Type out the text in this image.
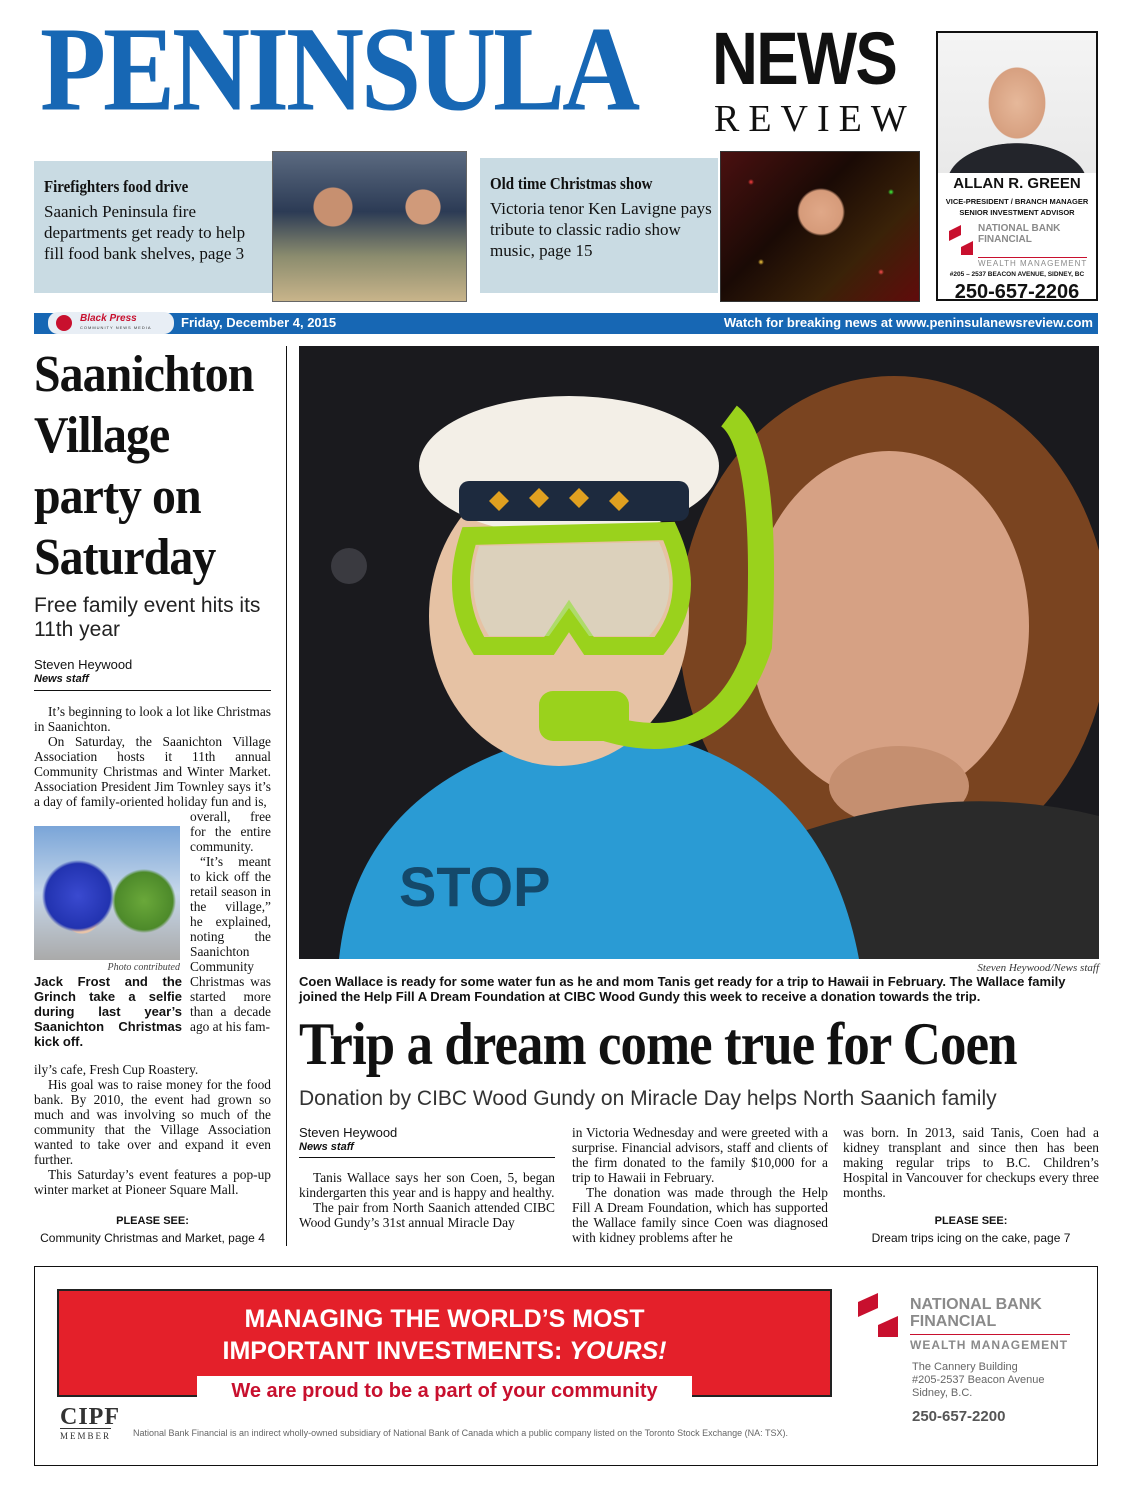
PENINSULA NEWS
REVIEW
ALLAN R. GREEN
VICE-PRESIDENT / BRANCH MANAGER
SENIOR INVESTMENT ADVISOR
NATIONAL BANK
FINANCIAL
WEALTH MANAGEMENT
#205 – 2537 BEACON AVENUE, SIDNEY, BC
250-657-2206
Firefighters food drive
Saanich Peninsula fire departments get ready to help fill food bank shelves, page 3
Old time Christmas show
Victoria tenor Ken Lavigne pays tribute to classic radio show music, page 15
Black Press
COMMUNITY NEWS MEDIA Friday, December 4, 2015	Watch for breaking news at www.peninsulanewsreview.com
Saanichton Village party on Saturday
Free family event hits its 11th year
Steven Heywood
News staff
It’s beginning to look a lot like Christmas in Saanichton.
On Saturday, the Saanichton Village Association hosts it 11th annual Community Christmas and Winter Market. Association President Jim Townley says it’s a day of family-oriented holiday fun and is,
Photo contributed
Jack Frost and the Grinch take a selfie during last year’s Saanichton Christmas kick off.
overall, free for the entire community.
“It’s meant to kick off the retail season in the village,” he explained, noting the Saanichton Community Christmas was started more than a decade ago at his fam-
ily’s cafe, Fresh Cup Roastery.
His goal was to raise money for the food bank. By 2010, the event had grown so much and was involving so much of the community that the Village Association wanted to take over and expand it even further.
This Saturday’s event features a pop-up winter market at Pioneer Square Mall.
PLEASE SEE:
Community Christmas and Market, page 4
STOP
Steven Heywood/News staff
Coen Wallace is ready for some water fun as he and mom Tanis get ready for a trip to Hawaii in February. The Wallace family joined the Help Fill A Dream Foundation at CIBC Wood Gundy this week to receive a donation towards the trip.
Trip a dream come true for Coen
Donation by CIBC Wood Gundy on Miracle Day helps North Saanich family
Steven Heywood
News staff
Tanis Wallace says her son Coen, 5, began kindergarten this year and is happy and healthy.
The pair from North Saanich attended CIBC Wood Gundy’s 31st annual Miracle Day
in Victoria Wednesday and were greeted with a surprise. Financial advisors, staff and clients of the firm donated to the family $10,000 for a trip to Hawaii in February.
The donation was made through the Help Fill A Dream Foundation, which has supported the Wallace family since Coen was diagnosed with kidney problems after he
was born. In 2013, said Tanis, Coen had a kidney transplant and since then has been making regular trips to B.C. Children’s Hospital in Vancouver for checkups every three months.
PLEASE SEE:
Dream trips icing on the cake, page 7
MANAGING THE WORLD’S MOST
IMPORTANT INVESTMENTS: YOURS!
We are proud to be a part of your community
NATIONAL BANK
FINANCIAL
WEALTH MANAGEMENT
The Cannery Building
#205-2537 Beacon Avenue
Sidney, B.C.
250-657-2200
CIPF
MEMBER National Bank Financial is an indirect wholly-owned subsidiary of National Bank of Canada which a public company listed on the Toronto Stock Exchange (NA: TSX).
